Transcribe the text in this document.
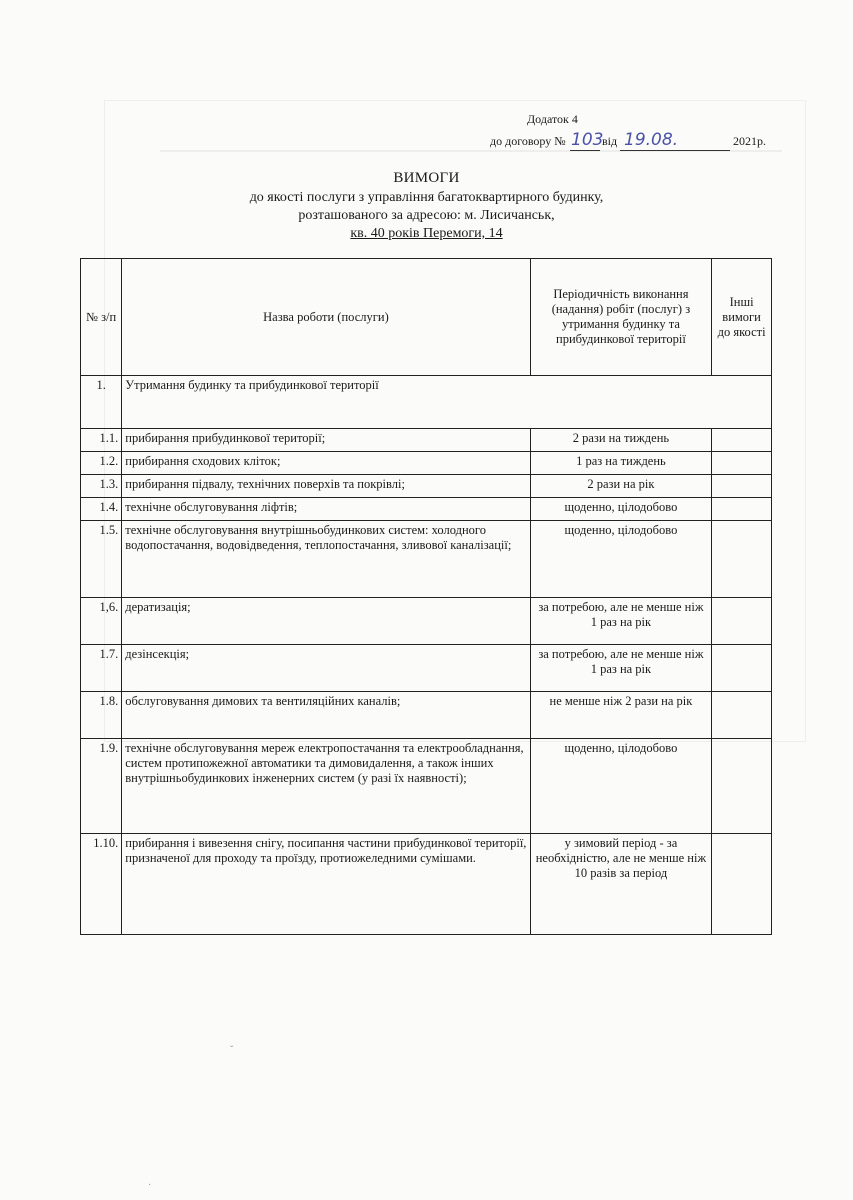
Додаток 4
до договору № 103
від 19.08.	2021р.
ВИМОГИ
до якості послуги з управління багатоквартирного будинку,
розташованого за адресою: м. Лисичанськ,
кв. 40 років Перемоги, 14
№ з/п	Назва роботи (послуги)	Періодичність виконання (надання) робіт (послуг) з утримання будинку та прибудинкової території	Інші вимоги до якості
1.	Утримання будинку та прибудинкової території		
1.1.	прибирання прибудинкової території;	2 рази на тиждень	
1.2.	прибирання сходових кліток;	1 раз на тиждень	
1.3.	прибирання підвалу, технічних поверхів та покрівлі;	2 рази на рік	
1.4.	технічне обслуговування ліфтів;	щоденно, цілодобово	
1.5.	технічне обслуговування внутрішньобудинкових систем: холодного водопостачання, водовідведення, теплопостачання, зливової каналізації;	щоденно, цілодобово	
1,6.	дератизація;	за потребою, але не менше ніж 1 раз на рік	
1.7.	дезінсекція;	за потребою, але не менше ніж 1 раз на рік	
1.8.	обслуговування димових та вентиляційних каналів;	не менше ніж 2 рази на рік	
1.9.	технічне обслуговування мереж електропостачання та електрообладнання, систем протипожежної автоматики та димовидалення, а також інших внутрішньобудинкових інженерних систем (у разі їх наявності);	щоденно, цілодобово	
1.10.	прибирання і вивезення снігу, посипання частини прибудинкової території, призначеної для проходу та проїзду, протиожеледними сумішами.	у зимовий період - за необхідністю, але не менше ніж 10 разів за період	
ˇ
·
